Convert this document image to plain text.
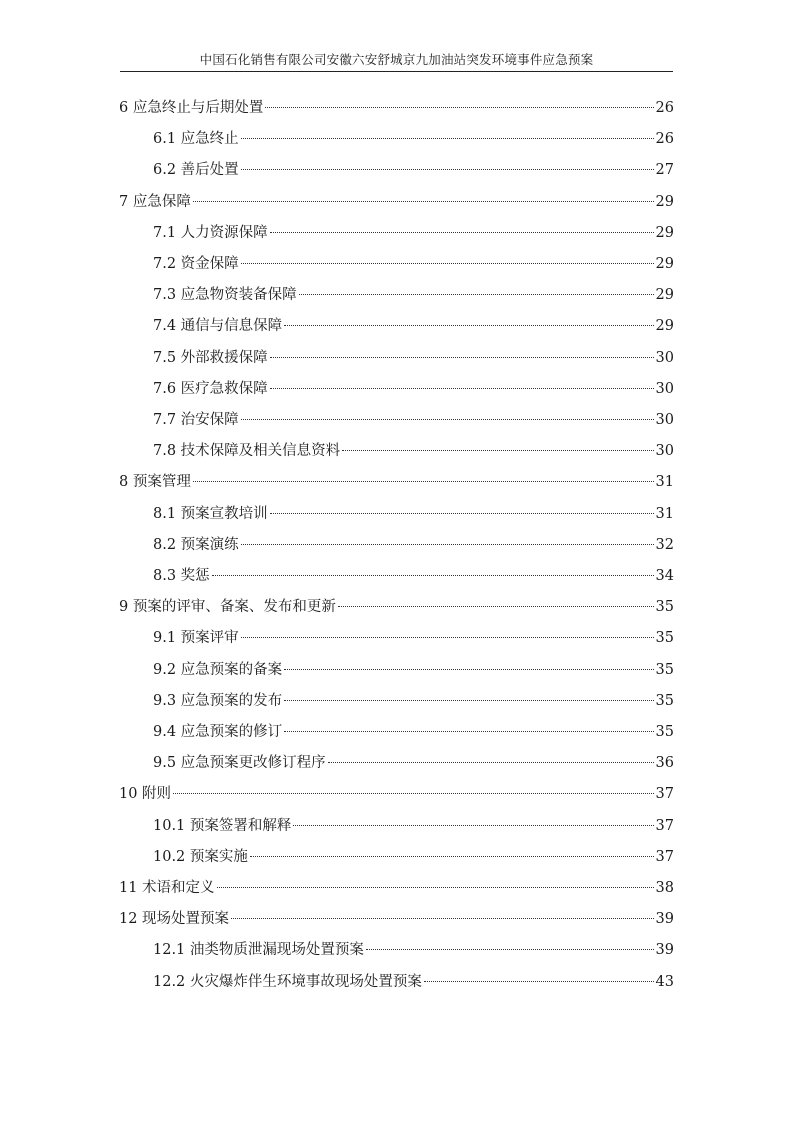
中国石化销售有限公司安徽六安舒城京九加油站突发环境事件应急预案
6 应急终止与后期处置	26
6.1 应急终止	26
6.2 善后处置	27
7 应急保障	29
7.1 人力资源保障	29
7.2 资金保障	29
7.3 应急物资装备保障	29
7.4 通信与信息保障	29
7.5 外部救援保障	30
7.6 医疗急救保障	30
7.7 治安保障	30
7.8 技术保障及相关信息资料	30
8 预案管理	31
8.1 预案宣教培训	31
8.2 预案演练	32
8.3 奖惩	34
9 预案的评审、备案、发布和更新	35
9.1 预案评审	35
9.2 应急预案的备案	35
9.3 应急预案的发布	35
9.4 应急预案的修订	35
9.5 应急预案更改修订程序	36
10 附则	37
10.1 预案签署和解释	37
10.2 预案实施	37
11 术语和定义	38
12 现场处置预案	39
12.1 油类物质泄漏现场处置预案	39
12.2 火灾爆炸伴生环境事故现场处置预案	43
